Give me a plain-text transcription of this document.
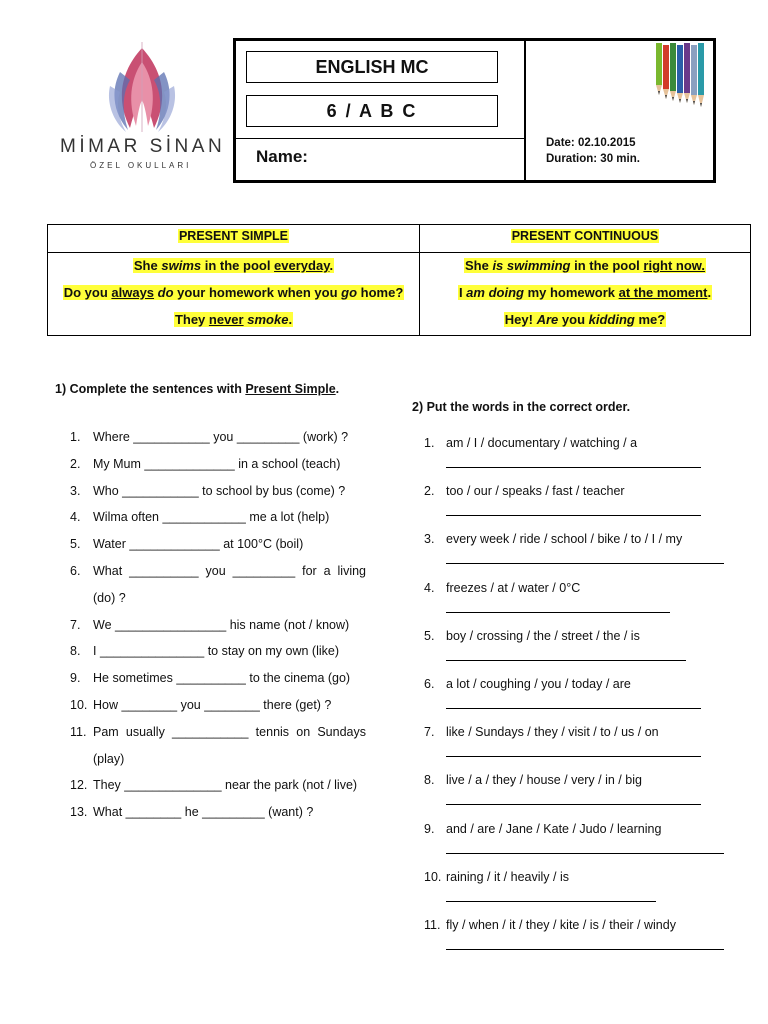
MİMAR SİNAN
ÖZEL OKULLARI
ENGLISH MC
6 / A B C
Name:
Date: 02.10.2015
Duration: 30 min.
PRESENT SIMPLE
She swims in the pool everyday.
Do you always do your homework when you go home?
They never smoke.
PRESENT CONTINUOUS
She is swimming in the pool right now.
I am doing my homework at the moment.
Hey! Are you kidding me?
1) Complete the sentences with Present Simple.
1. Where ___________ you _________ (work) ?
2. My Mum _____________ in a school (teach)
3. Who ___________ to school by bus (come) ?
4. Wilma often ____________ me a lot (help)
5. Water _____________ at 100°C (boil)
6. What __________ you _________ for a living (do) ?
7. We ________________ his name (not / know)
8. I _______________ to stay on my own (like)
9. He sometimes __________ to the cinema (go)
10. How ________ you ________ there (get) ?
11. Pam usually ___________ tennis on Sundays (play)
12. They ______________ near the park (not / live)
13. What ________ he _________ (want) ?
2) Put the words in the correct order.
1. am / I / documentary / watching / a
2. too / our / speaks / fast / teacher
3. every week / ride / school / bike / to / I / my
4. freezes / at / water / 0°C
5. boy / crossing / the / street / the / is
6. a lot / coughing / you / today / are
7. like / Sundays / they / visit / to / us / on
8. live / a / they / house / very / in / big
9. and / are / Jane / Kate / Judo / learning
10. raining / it / heavily / is
11. fly / when / it / they / kite / is / their / windy
